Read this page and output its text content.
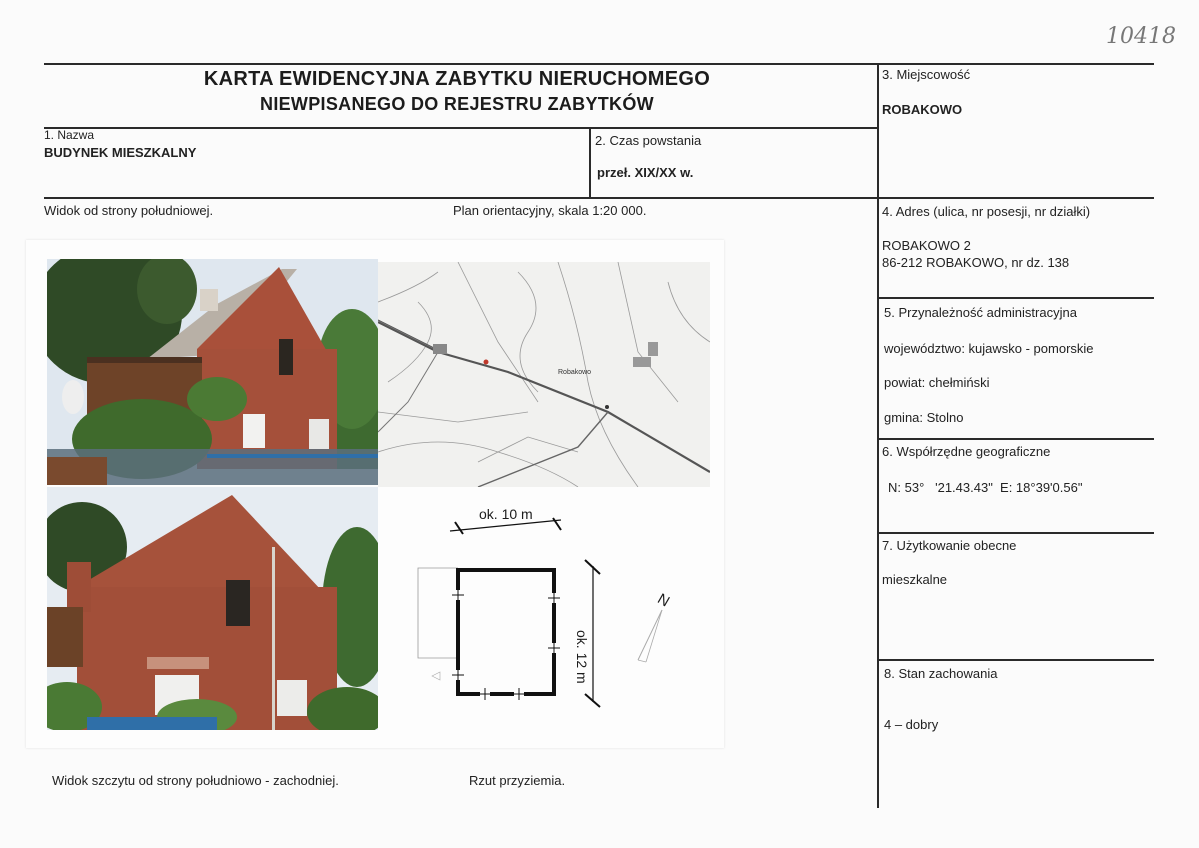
10418
KARTA EWIDENCYJNA ZABYTKU NIERUCHOMEGO
NIEWPISANEGO DO REJESTRU ZABYTKÓW
1. Nazwa
BUDYNEK MIESZKALNY
2. Czas powstania
przeł. XIX/XX w.
3. Miejscowość
ROBAKOWO
4. Adres (ulica, nr posesji, nr działki)
ROBAKOWO 2
86-212 ROBAKOWO, nr dz. 138
5. Przynależność administracyjna
województwo: kujawsko - pomorskie
powiat: chełmiński
gmina: Stolno
6. Współrzędne geograficzne
N: 53°   '21.43.43"  E: 18°39'0.56"
7. Użytkowanie obecne
mieszkalne
8. Stan zachowania
4 – dobry
Widok od strony południowej.	Plan orientacyjny, skala 1:20 000.
Widok szczytu od strony południowo - zachodniej.	Rzut przyziemia.
Robakowo
ok. 10 m
ok. 12 m
N
